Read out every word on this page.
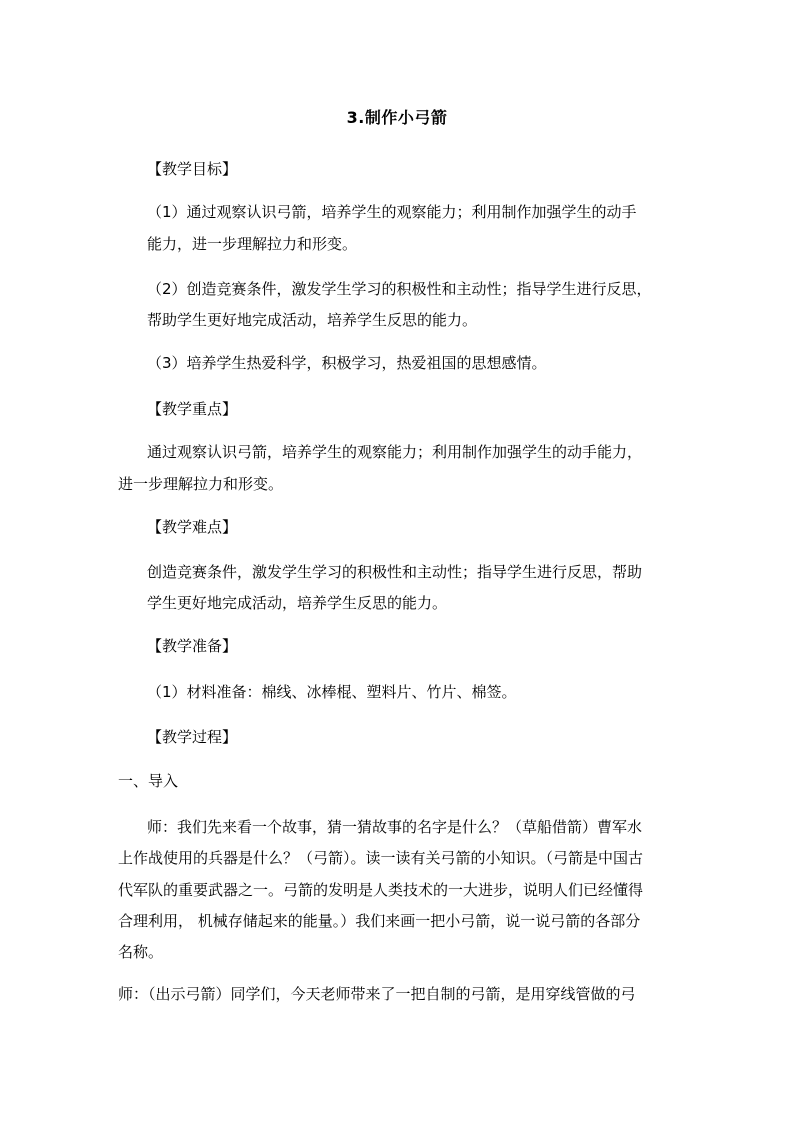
3.制作小弓箭
【教学目标】
（1）通过观察认识弓箭，培养学生的观察能力；利用制作加强学生的动手
能力，进一步理解拉力和形变。
（2）创造竞赛条件，激发学生学习的积极性和主动性；指导学生进行反思，
帮助学生更好地完成活动，培养学生反思的能力。
（3）培养学生热爱科学，积极学习，热爱祖国的思想感情。
【教学重点】
通过观察认识弓箭，培养学生的观察能力；利用制作加强学生的动手能力，
进一步理解拉力和形变。
【教学难点】
创造竞赛条件，激发学生学习的积极性和主动性；指导学生进行反思，帮助
学生更好地完成活动，培养学生反思的能力。
【教学准备】
（1）材料准备：棉线、冰棒棍、塑料片、竹片、棉签。
【教学过程】
一、导入
师：我们先来看一个故事，猜一猜故事的名字是什么？（草船借箭）曹军水
上作战使用的兵器是什么？（弓箭）。读一读有关弓箭的小知识。（弓箭是中国古
代军队的重要武器之一。弓箭的发明是人类技术的一大进步，说明人们已经懂得
合理利用， 机械存储起来的能量。）我们来画一把小弓箭，说一说弓箭的各部分
名称。
师：（出示弓箭）同学们，今天老师带来了一把自制的弓箭，是用穿线管做的弓
